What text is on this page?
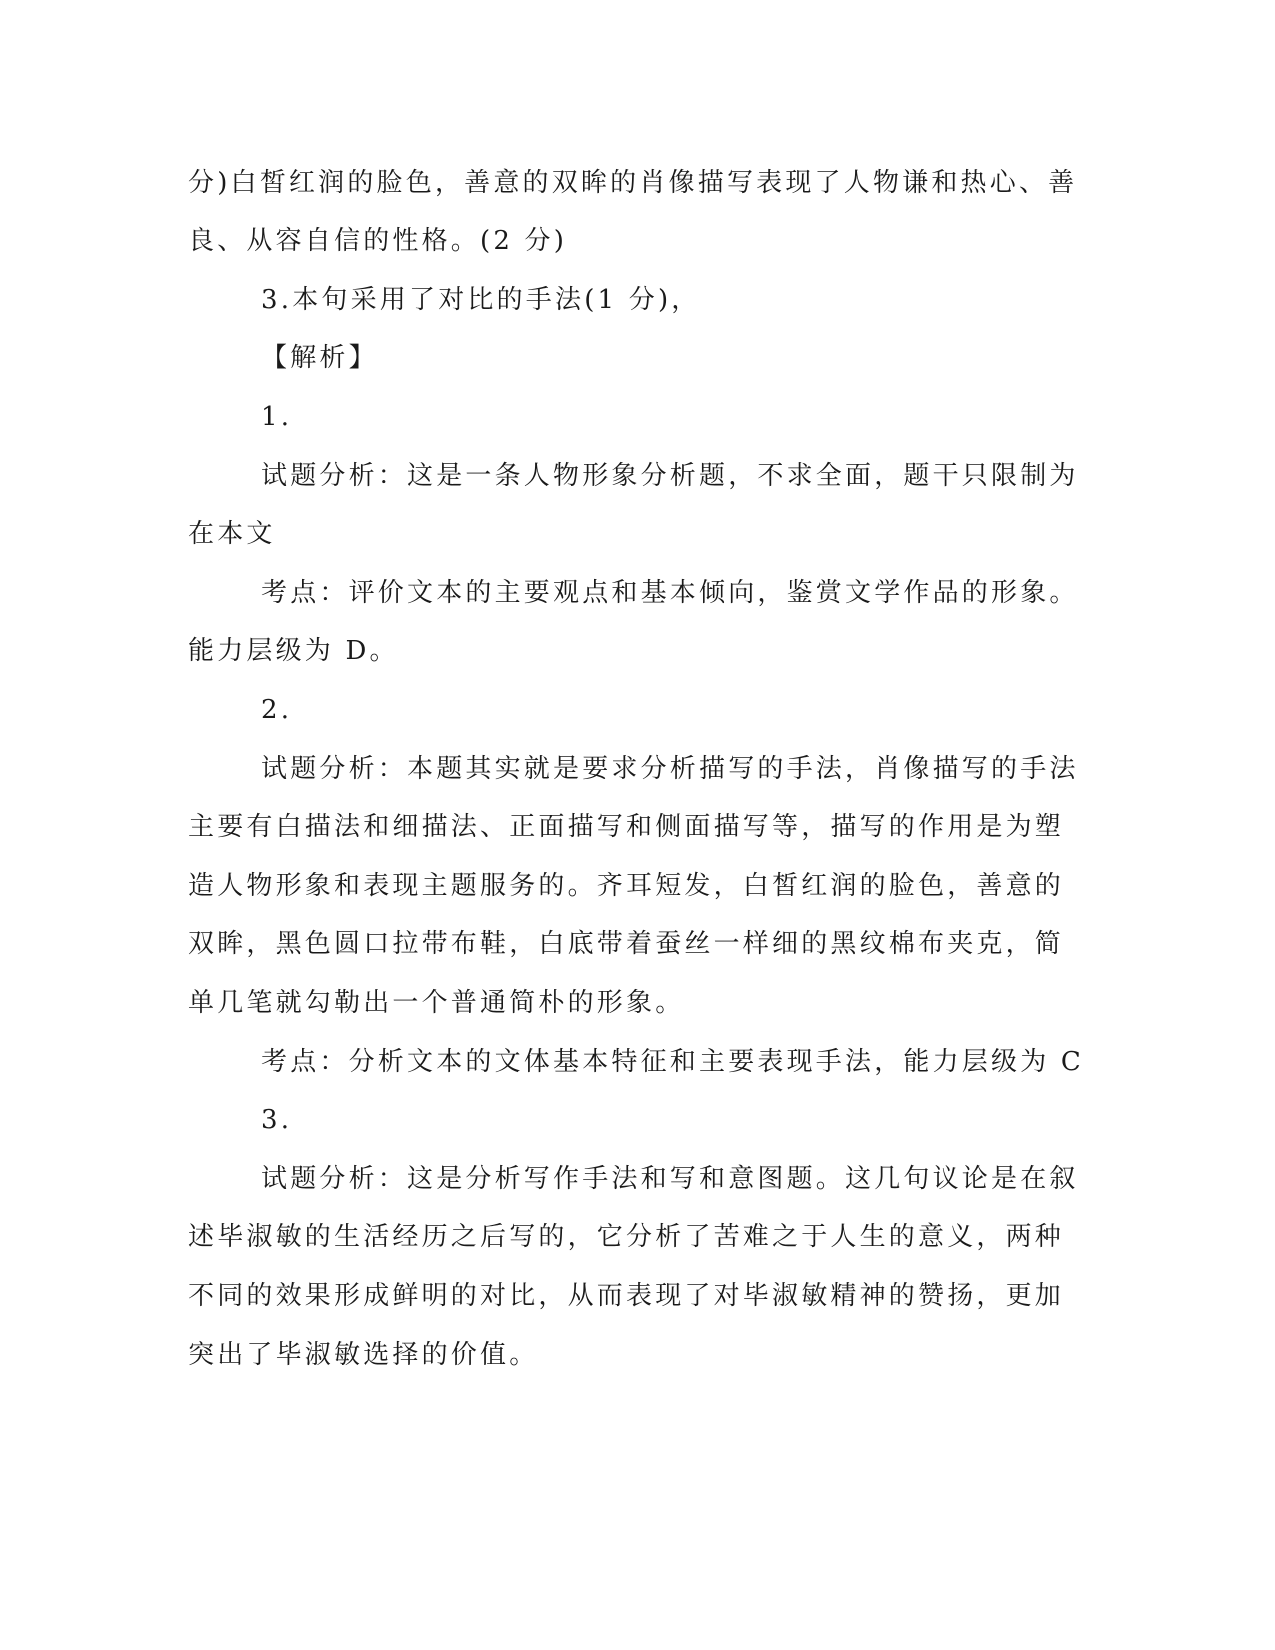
分)白皙红润的脸色，善意的双眸的肖像描写表现了人物谦和热心、善
良、从容自信的性格。(2 分)
3.本句采用了对比的手法(1 分)，
【解析】
1.
试题分析：这是一条人物形象分析题，不求全面，题干只限制为
在本文
考点：评价文本的主要观点和基本倾向，鉴赏文学作品的形象。
能力层级为 D。
2.
试题分析：本题其实就是要求分析描写的手法，肖像描写的手法
主要有白描法和细描法、正面描写和侧面描写等，描写的作用是为塑
造人物形象和表现主题服务的。齐耳短发，白皙红润的脸色，善意的
双眸，黑色圆口拉带布鞋，白底带着蚕丝一样细的黑纹棉布夹克，简
单几笔就勾勒出一个普通简朴的形象。
考点：分析文本的文体基本特征和主要表现手法，能力层级为 C
3.
试题分析：这是分析写作手法和写和意图题。这几句议论是在叙
述毕淑敏的生活经历之后写的，它分析了苦难之于人生的意义，两种
不同的效果形成鲜明的对比，从而表现了对毕淑敏精神的赞扬，更加
突出了毕淑敏选择的价值。
